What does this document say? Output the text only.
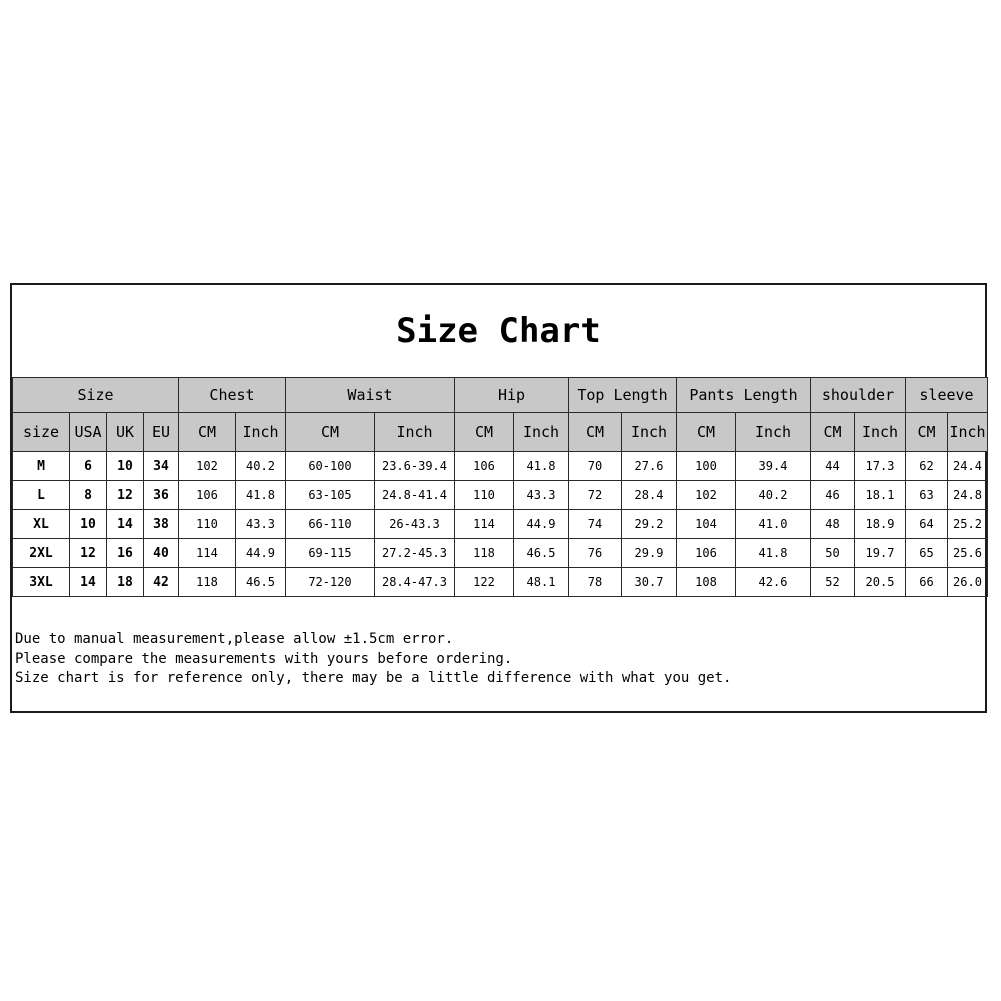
Size Chart
Size				Chest		Waist		Hip		Top Length		Pants Length		shoulder		sleeve	
size	USA	UK	EU	CM	Inch	CM	Inch	CM	Inch	CM	Inch	CM	Inch	CM	Inch	CM	Inch
M	6	10	34	102	40.2	60-100	23.6-39.4	106	41.8	70	27.6	100	39.4	44	17.3	62	24.4
L	8	12	36	106	41.8	63-105	24.8-41.4	110	43.3	72	28.4	102	40.2	46	18.1	63	24.8
XL	10	14	38	110	43.3	66-110	26-43.3	114	44.9	74	29.2	104	41.0	48	18.9	64	25.2
2XL	12	16	40	114	44.9	69-115	27.2-45.3	118	46.5	76	29.9	106	41.8	50	19.7	65	25.6
3XL	14	18	42	118	46.5	72-120	28.4-47.3	122	48.1	78	30.7	108	42.6	52	20.5	66	26.0
Due to manual measurement,please allow ±1.5cm error.
Please compare the measurements with yours before ordering.
Size chart is for reference only, there may be a little difference with what you get.
